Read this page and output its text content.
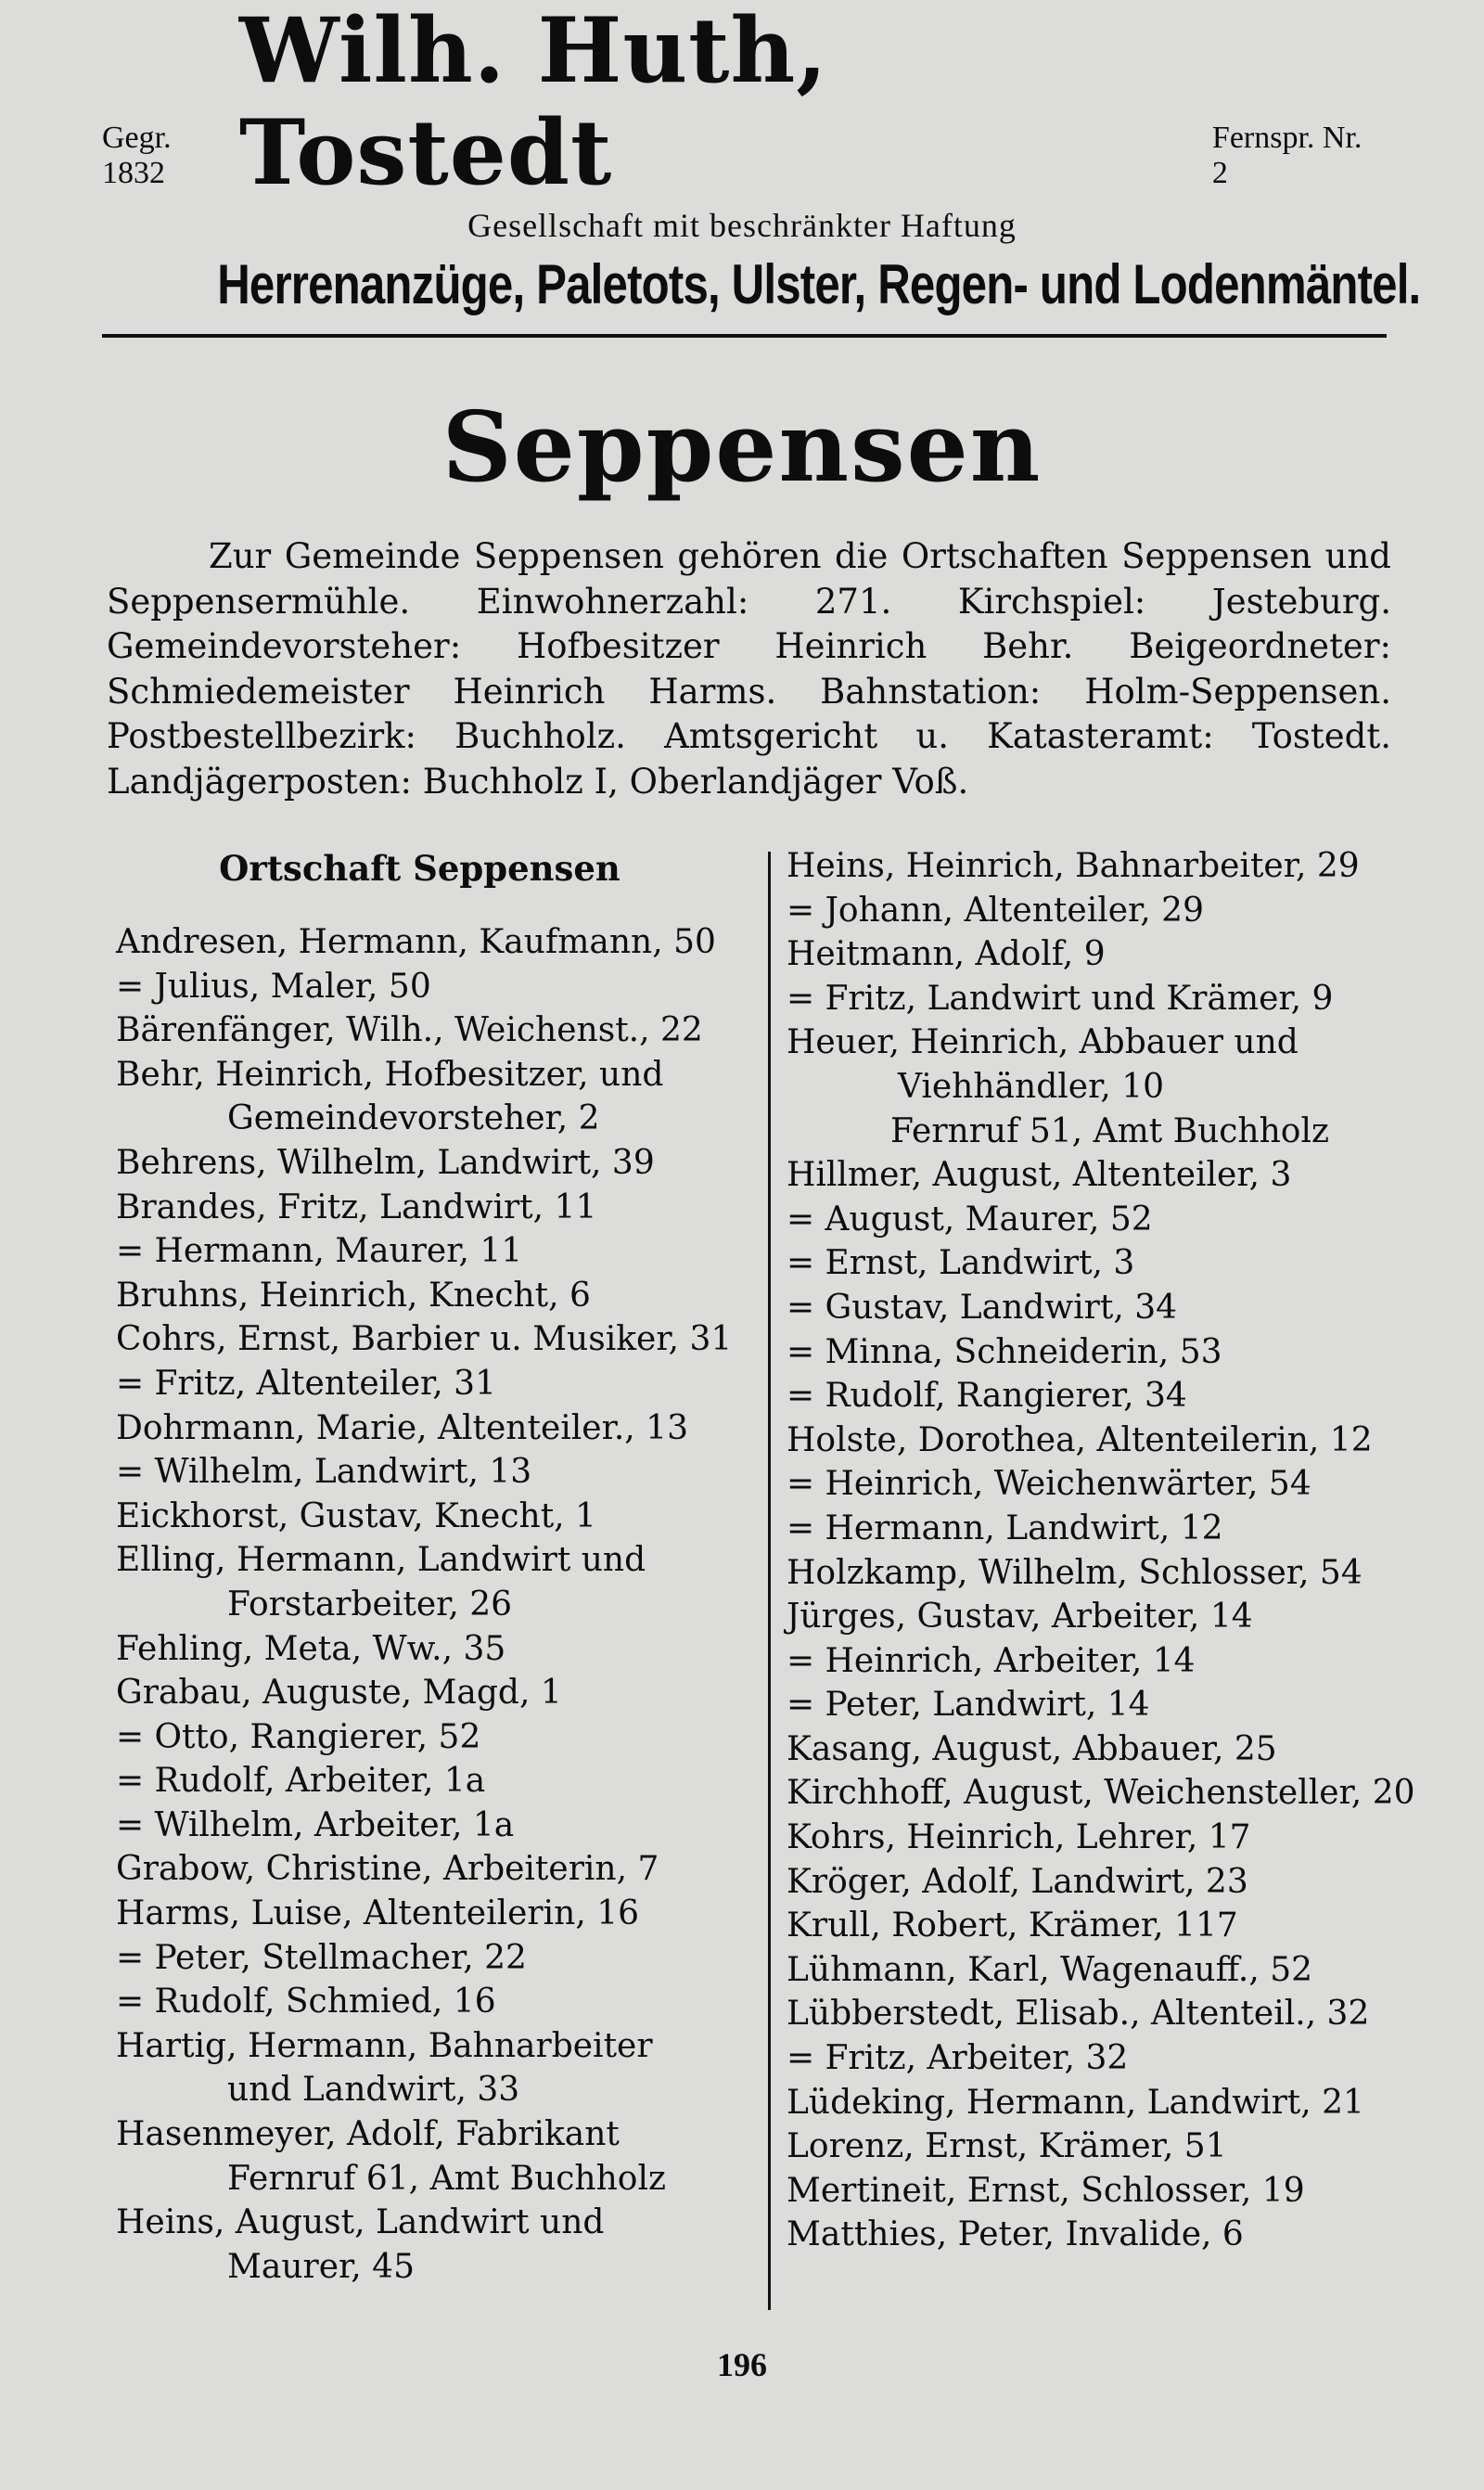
Gegr. 1832
Wilh. Huth, Tostedt	Fernspr. Nr. 2
Gesellschaft mit beschränkter Haftung
Herrenanzüge, Paletots, Ulster, Regen- und Lodenmäntel.
Seppensen
Zur Gemeinde Seppensen gehören die Ortschaften Seppensen und Seppensermühle. Einwohnerzahl: 271. Kirchspiel: Jesteburg. Gemeindevorsteher: Hofbesitzer Heinrich Behr. Beigeordneter: Schmiedemeister Heinrich Harms. Bahnstation: Holm-Seppensen. Postbestellbezirk: Buchholz. Amtsgericht u. Katasteramt: Tostedt. Landjägerposten: Buchholz I, Oberlandjäger Voß.
Ortschaft Seppensen
Andresen, Hermann, Kaufmann, 50
= Julius, Maler, 50
Bärenfänger, Wilh., Weichenst., 22
Behr, Heinrich, Hofbesitzer, und
Gemeindevorsteher, 2
Behrens, Wilhelm, Landwirt, 39
Brandes, Fritz, Landwirt, 11
= Hermann, Maurer, 11
Bruhns, Heinrich, Knecht, 6
Cohrs, Ernst, Barbier u. Musiker, 31
= Fritz, Altenteiler, 31
Dohrmann, Marie, Altenteiler., 13
= Wilhelm, Landwirt, 13
Eickhorst, Gustav, Knecht, 1
Elling, Hermann, Landwirt und
Forstarbeiter, 26
Fehling, Meta, Ww., 35
Grabau, Auguste, Magd, 1
= Otto, Rangierer, 52
= Rudolf, Arbeiter, 1a
= Wilhelm, Arbeiter, 1a
Grabow, Christine, Arbeiterin, 7
Harms, Luise, Altenteilerin, 16
= Peter, Stellmacher, 22
= Rudolf, Schmied, 16
Hartig, Hermann, Bahnarbeiter
und Landwirt, 33
Hasenmeyer, Adolf, Fabrikant
Fernruf 61, Amt Buchholz
Heins, August, Landwirt und
Maurer, 45
Heins, Heinrich, Bahnarbeiter, 29
= Johann, Altenteiler, 29
Heitmann, Adolf, 9
= Fritz, Landwirt und Krämer, 9
Heuer, Heinrich, Abbauer und
Viehhändler, 10
Fernruf 51, Amt Buchholz
Hillmer, August, Altenteiler, 3
= August, Maurer, 52
= Ernst, Landwirt, 3
= Gustav, Landwirt, 34
= Minna, Schneiderin, 53
= Rudolf, Rangierer, 34
Holste, Dorothea, Altenteilerin, 12
= Heinrich, Weichenwärter, 54
= Hermann, Landwirt, 12
Holzkamp, Wilhelm, Schlosser, 54
Jürges, Gustav, Arbeiter, 14
= Heinrich, Arbeiter, 14
= Peter, Landwirt, 14
Kasang, August, Abbauer, 25
Kirchhoff, August, Weichensteller, 20
Kohrs, Heinrich, Lehrer, 17
Kröger, Adolf, Landwirt, 23
Krull, Robert, Krämer, 117
Lühmann, Karl, Wagenauff., 52
Lübberstedt, Elisab., Altenteil., 32
= Fritz, Arbeiter, 32
Lüdeking, Hermann, Landwirt, 21
Lorenz, Ernst, Krämer, 51
Mertineit, Ernst, Schlosser, 19
Matthies, Peter, Invalide, 6
196
